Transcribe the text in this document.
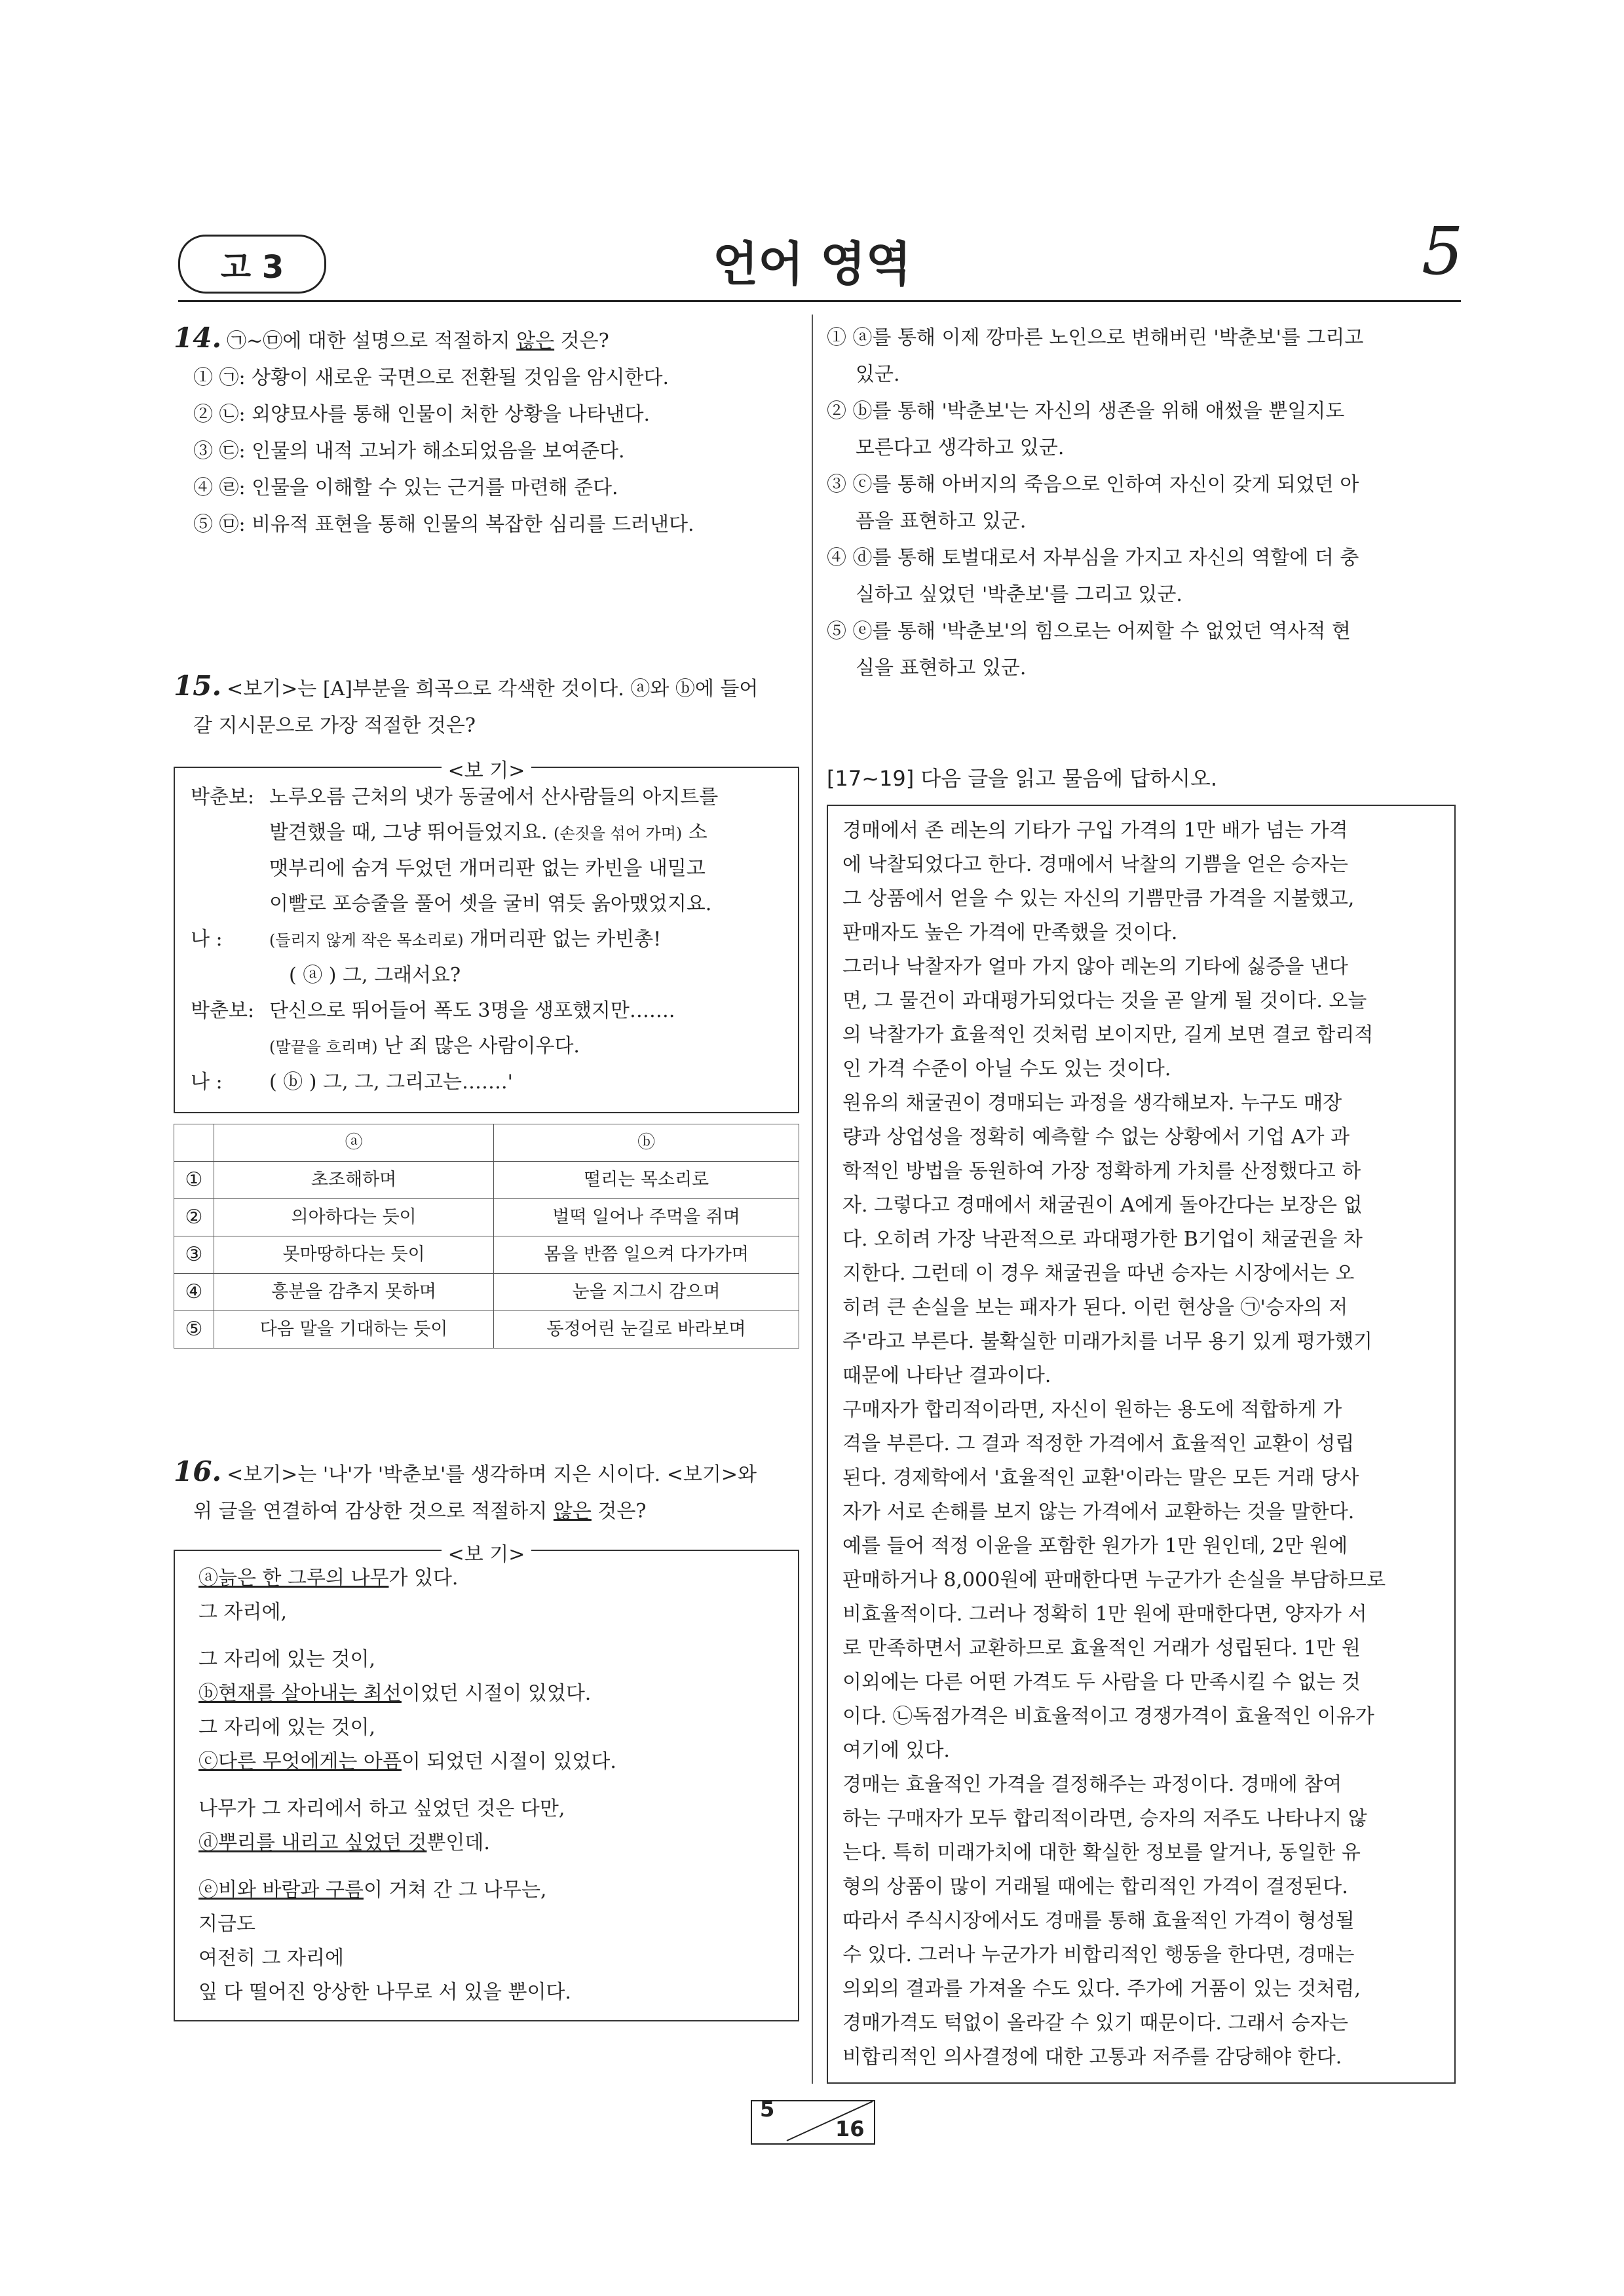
고 3	언어 영역	5
14. ㉠~㉤에 대한 설명으로 적절하지 않은 것은?
① ㉠: 상황이 새로운 국면으로 전환될 것임을 암시한다.
② ㉡: 외양묘사를 통해 인물이 처한 상황을 나타낸다.
③ ㉢: 인물의 내적 고뇌가 해소되었음을 보여준다.
④ ㉣: 인물을 이해할 수 있는 근거를 마련해 준다.
⑤ ㉤: 비유적 표현을 통해 인물의 복잡한 심리를 드러낸다.
15. <보기>는 [A]부분을 희곡으로 각색한 것이다. ⓐ와 ⓑ에 들어
갈 지시문으로 가장 적절한 것은?
<보 기>
박춘보: 노루오름 근처의 냇가 동굴에서 산사람들의 아지트를
발견했을 때, 그냥 뛰어들었지요. (손짓을 섞어 가며) 소
맷부리에 숨겨 두었던 개머리판 없는 카빈을 내밀고
이빨로 포승줄을 풀어 셋을 굴비 엮듯 옭아맸었지요.
나 :	(들리지 않게 작은 목소리로) 개머리판 없는 카빈총!
( ⓐ ) 그, 그래서요?
박춘보: 단신으로 뛰어들어 폭도 3명을 생포했지만…….
(말끝을 흐리며) 난 죄 많은 사람이우다.
나 : ( ⓑ ) 그, 그, 그리고는…….'
	ⓐ	ⓑ
①	초조해하며	떨리는 목소리로
②	의아하다는 듯이	벌떡 일어나 주먹을 쥐며
③	못마땅하다는 듯이	몸을 반쯤 일으켜 다가가며
④	흥분을 감추지 못하며	눈을 지그시 감으며
⑤	다음 말을 기대하는 듯이	동정어린 눈길로 바라보며
16. <보기>는 '나'가 '박춘보'를 생각하며 지은 시이다. <보기>와
위 글을 연결하여 감상한 것으로 적절하지 않은 것은?
<보 기>
ⓐ늙은 한 그루의 나무가 있다.
그 자리에,
그 자리에 있는 것이,
ⓑ현재를 살아내는 최선이었던 시절이 있었다.
그 자리에 있는 것이,
ⓒ다른 무엇에게는 아픔이 되었던 시절이 있었다.
나무가 그 자리에서 하고 싶었던 것은 다만,
ⓓ뿌리를 내리고 싶었던 것뿐인데.
ⓔ비와 바람과 구름이 거쳐 간 그 나무는,
지금도
여전히 그 자리에
잎 다 떨어진 앙상한 나무로 서 있을 뿐이다.
① ⓐ를 통해 이제 깡마른 노인으로 변해버린 '박춘보'를 그리고
있군.
② ⓑ를 통해 '박춘보'는 자신의 생존을 위해 애썼을 뿐일지도
모른다고 생각하고 있군.
③ ⓒ를 통해 아버지의 죽음으로 인하여 자신이 갖게 되었던 아
픔을 표현하고 있군.
④ ⓓ를 통해 토벌대로서 자부심을 가지고 자신의 역할에 더 충
실하고 싶었던 '박춘보'를 그리고 있군.
⑤ ⓔ를 통해 '박춘보'의 힘으로는 어찌할 수 없었던 역사적 현
실을 표현하고 있군.
[17~19] 다음 글을 읽고 물음에 답하시오.
경매에서 존 레논의 기타가 구입 가격의 1만 배가 넘는 가격
에 낙찰되었다고 한다. 경매에서 낙찰의 기쁨을 얻은 승자는
그 상품에서 얻을 수 있는 자신의 기쁨만큼 가격을 지불했고,
판매자도 높은 가격에 만족했을 것이다.
그러나 낙찰자가 얼마 가지 않아 레논의 기타에 싫증을 낸다
면, 그 물건이 과대평가되었다는 것을 곧 알게 될 것이다. 오늘
의 낙찰가가 효율적인 것처럼 보이지만, 길게 보면 결코 합리적
인 가격 수준이 아닐 수도 있는 것이다.
원유의 채굴권이 경매되는 과정을 생각해보자. 누구도 매장
량과 상업성을 정확히 예측할 수 없는 상황에서 기업 A가 과
학적인 방법을 동원하여 가장 정확하게 가치를 산정했다고 하
자. 그렇다고 경매에서 채굴권이 A에게 돌아간다는 보장은 없
다. 오히려 가장 낙관적으로 과대평가한 B기업이 채굴권을 차
지한다. 그런데 이 경우 채굴권을 따낸 승자는 시장에서는 오
히려 큰 손실을 보는 패자가 된다. 이런 현상을 ㉠'승자의 저
주'라고 부른다. 불확실한 미래가치를 너무 용기 있게 평가했기
때문에 나타난 결과이다.
구매자가 합리적이라면, 자신이 원하는 용도에 적합하게 가
격을 부른다. 그 결과 적정한 가격에서 효율적인 교환이 성립
된다. 경제학에서 '효율적인 교환'이라는 말은 모든 거래 당사
자가 서로 손해를 보지 않는 가격에서 교환하는 것을 말한다.
예를 들어 적정 이윤을 포함한 원가가 1만 원인데, 2만 원에
판매하거나 8,000원에 판매한다면 누군가가 손실을 부담하므로
비효율적이다. 그러나 정확히 1만 원에 판매한다면, 양자가 서
로 만족하면서 교환하므로 효율적인 거래가 성립된다. 1만 원
이외에는 다른 어떤 가격도 두 사람을 다 만족시킬 수 없는 것
이다. ㉡독점가격은 비효율적이고 경쟁가격이 효율적인 이유가
여기에 있다.
경매는 효율적인 가격을 결정해주는 과정이다. 경매에 참여
하는 구매자가 모두 합리적이라면, 승자의 저주도 나타나지 않
는다. 특히 미래가치에 대한 확실한 정보를 알거나, 동일한 유
형의 상품이 많이 거래될 때에는 합리적인 가격이 결정된다.
따라서 주식시장에서도 경매를 통해 효율적인 가격이 형성될
수 있다. 그러나 누군가가 비합리적인 행동을 한다면, 경매는
의외의 결과를 가져올 수도 있다. 주가에 거품이 있는 것처럼,
경매가격도 턱없이 올라갈 수 있기 때문이다. 그래서 승자는
비합리적인 의사결정에 대한 고통과 저주를 감당해야 한다.
5
16
